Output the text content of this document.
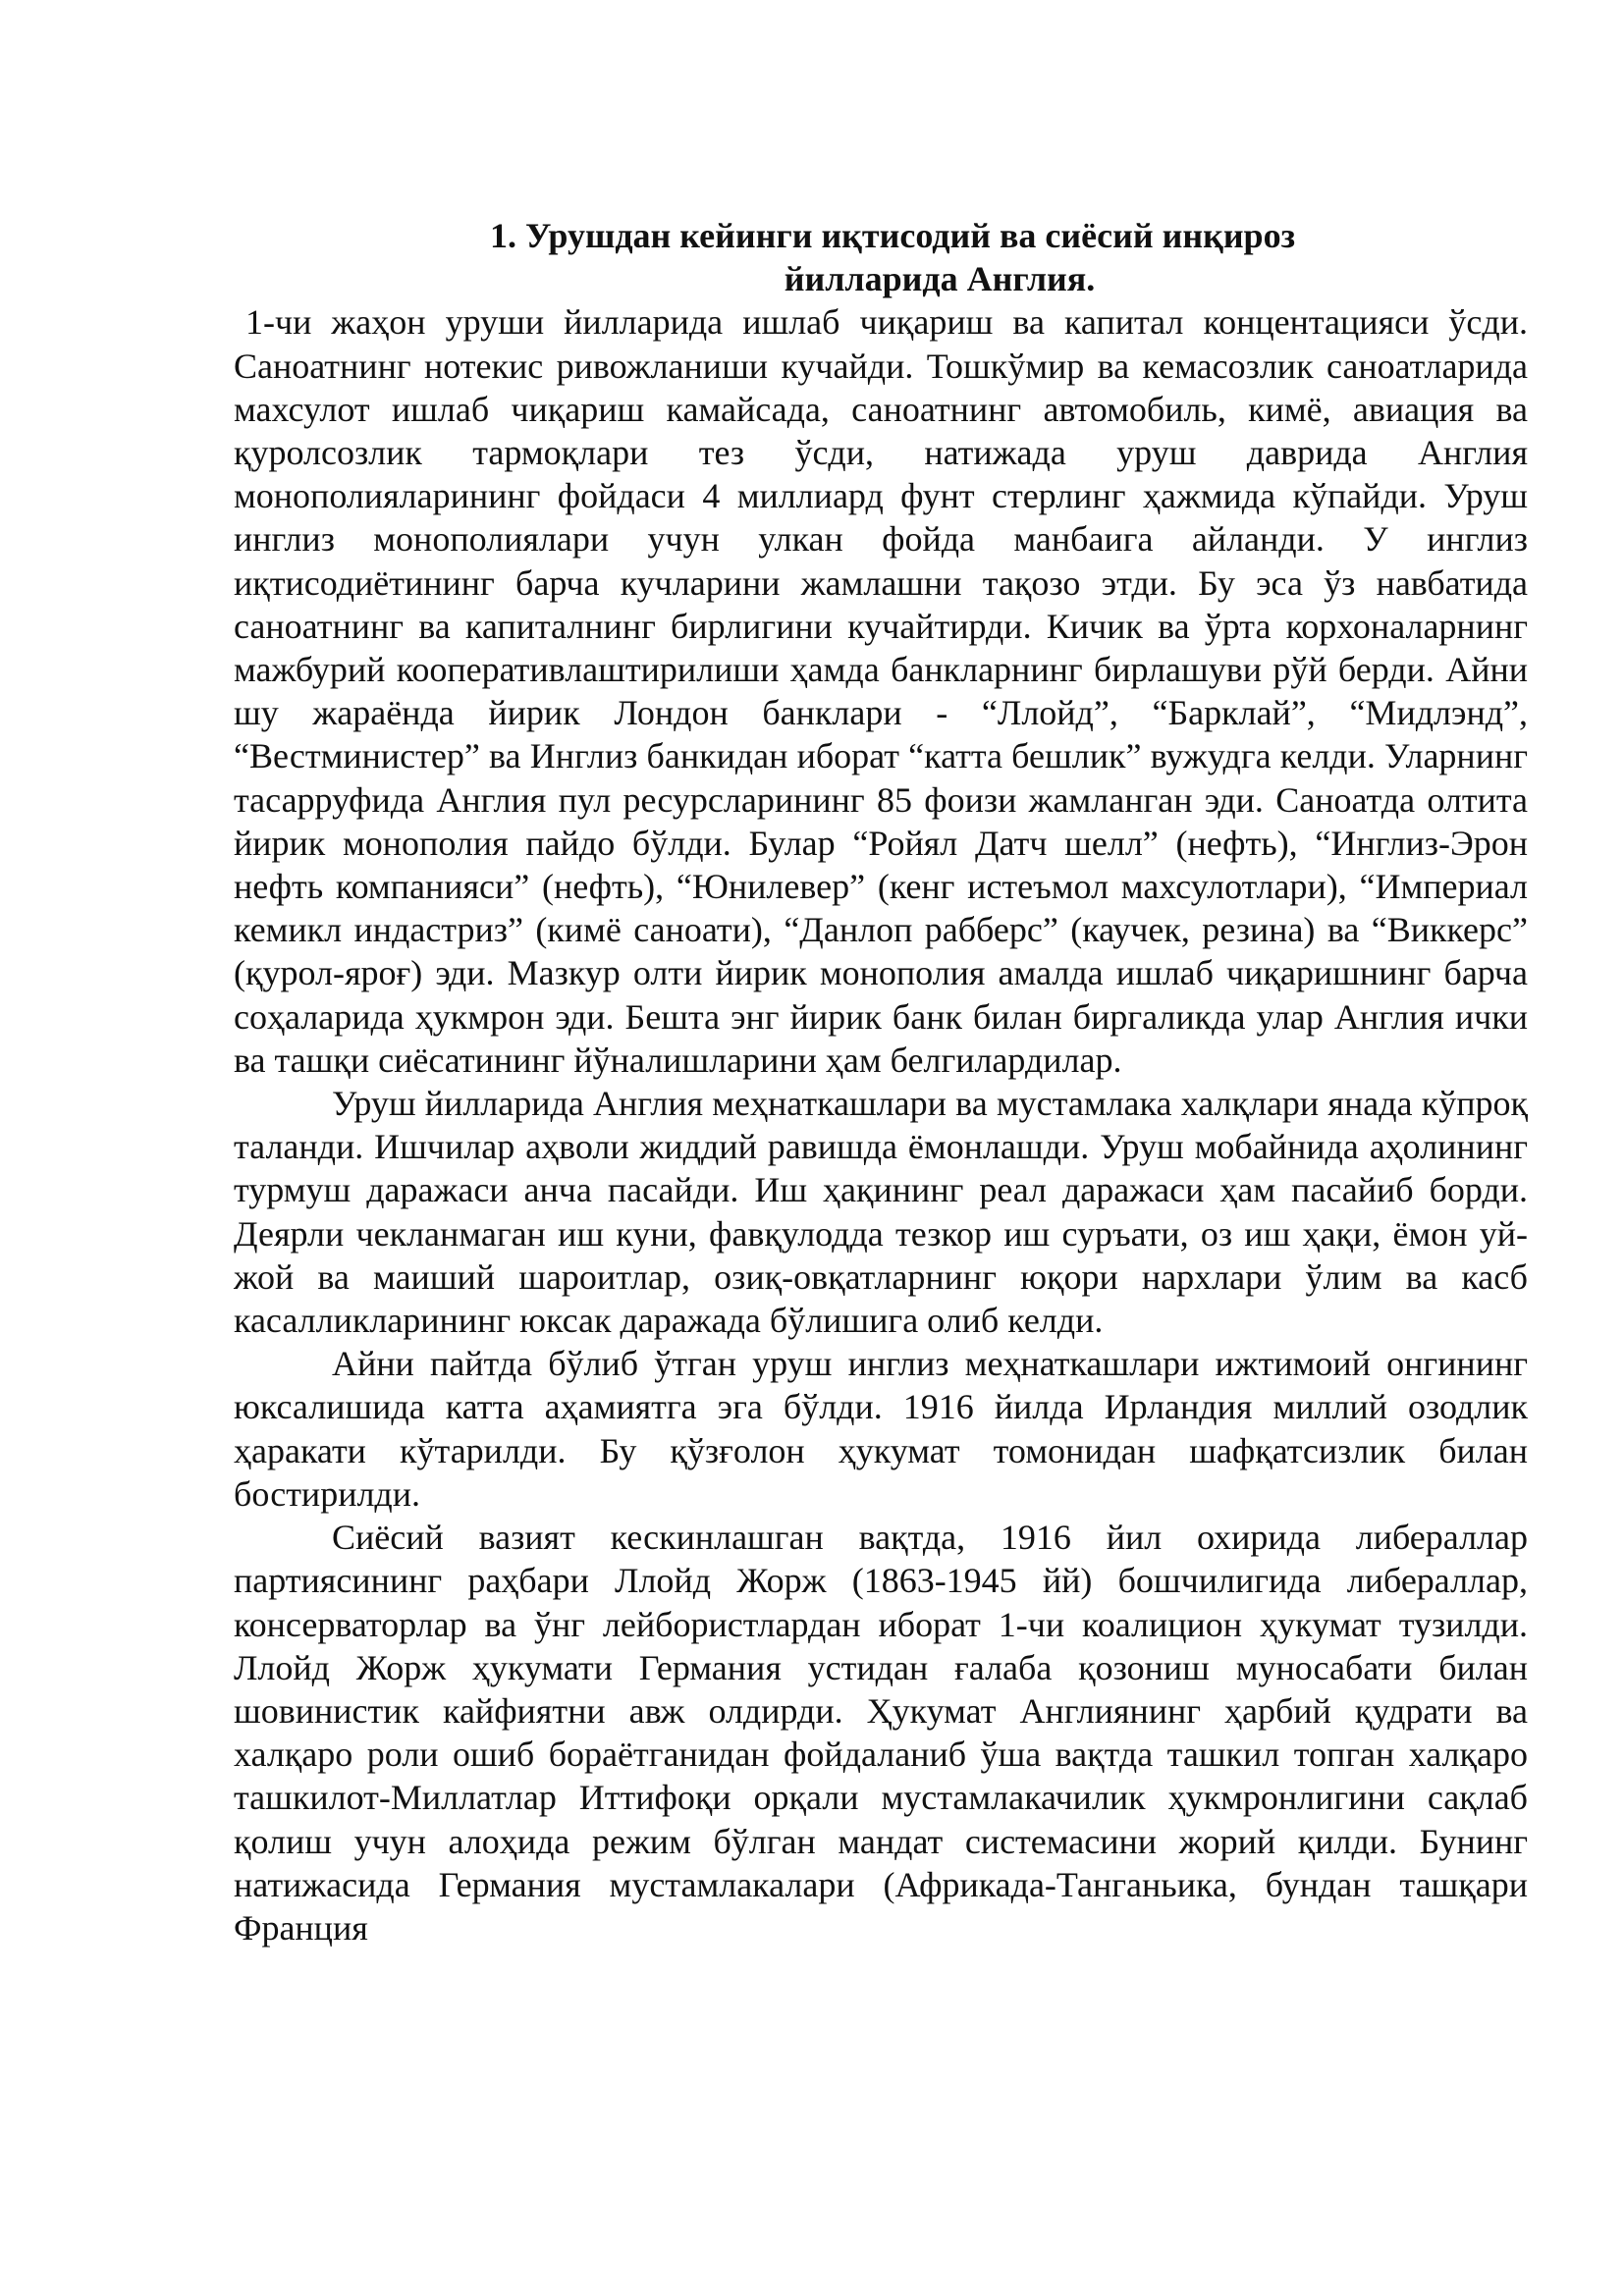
1. Урушдан кейинги иқтисодий ва сиёсий инқироз
йилларида Англия.

1-чи жаҳон уруши йилларида ишлаб чиқариш ва капитал концентацияси ўсди. Саноатнинг нотекис ривожланиши кучайди. Тошкўмир ва кемасозлик саноатларида махсулот ишлаб чиқариш камайсада, саноатнинг автомобиль, кимё, авиация ва қуролсозлик тармоқлари тез ўсди, натижада уруш даврида Англия монополияларининг фойдаси 4 миллиард фунт стерлинг ҳажмида кўпайди. Уруш инглиз монополиялари учун улкан фойда манбаига айланди. У инглиз иқтисодиётининг барча кучларини жамлашни тақозо этди. Бу эса ўз навбатида саноатнинг ва капиталнинг бирлигини кучайтирди. Кичик ва ўрта корхоналарнинг мажбурий кооперативлаштирилиши ҳамда банкларнинг бирлашуви рўй берди. Айни шу жараёнда йирик Лондон банклари - “Ллойд”, “Барклай”, “Мидлэнд”, “Вестминистер” ва Инглиз банкидан иборат “катта бешлик” вужудга келди. Уларнинг тасарруфида Англия пул ресурсларининг 85 фоизи жамланган эди. Саноатда олтита йирик монополия пайдо бўлди. Булар “Ройял Датч шелл” (нефть), “Инглиз-Эрон нефть компанияси” (нефть), “Юнилевер” (кенг истеъмол махсулотлари), “Империал кемикл индастриз” (кимё саноати), “Данлоп рабберс” (каучек, резина) ва “Виккерс” (қурол-яроғ) эди. Мазкур олти йирик монополия амалда ишлаб чиқаришнинг барча соҳаларида ҳукмрон эди. Бешта энг йирик банк билан биргаликда улар Англия ички ва ташқи сиёсатининг йўналишларини ҳам белгилардилар.

Уруш йилларида Англия меҳнаткашлари ва мустамлака халқлари янада кўпроқ таланди. Ишчилар аҳволи жиддий равишда ёмонлашди. Уруш мобайнида аҳолининг турмуш даражаси анча пасайди. Иш ҳақининг реал даражаси ҳам пасайиб борди. Деярли чекланмаган иш куни, фавқулодда тезкор иш суръати, оз иш ҳақи, ёмон уй-жой ва маиший шароитлар, озиқ-овқатларнинг юқори нархлари ўлим ва касб касалликларининг юксак даражада бўлишига олиб келди.

Айни пайтда бўлиб ўтган уруш инглиз меҳнаткашлари ижтимоий онгининг юксалишида катта аҳамиятга эга бўлди. 1916 йилда Ирландия миллий озодлик ҳаракати кўтарилди. Бу қўзғолон ҳукумат томонидан шафқатсизлик билан бостирилди.

Сиёсий вазият кескинлашган вақтда, 1916 йил охирида либераллар партиясининг раҳбари Ллойд Жорж (1863-1945 йй) бошчилигида либераллар, консерваторлар ва ўнг лейбористлардан иборат 1-чи коалицион ҳукумат тузилди. Ллойд Жорж ҳукумати Германия устидан ғалаба қозониш муносабати билан шовинистик кайфиятни авж олдирди. Ҳукумат Англиянинг ҳарбий қудрати ва халқаро роли ошиб бораётганидан фойдаланиб ўша вақтда ташкил топган халқаро ташкилот-Миллатлар Иттифоқи орқали мустамлакачилик ҳукмронлигини сақлаб қолиш учун алоҳида режим бўлган мандат системасини жорий қилди. Бунинг натижасида Германия мустамлакалари (Африкада-Танганьика, бундан ташқари Франция
